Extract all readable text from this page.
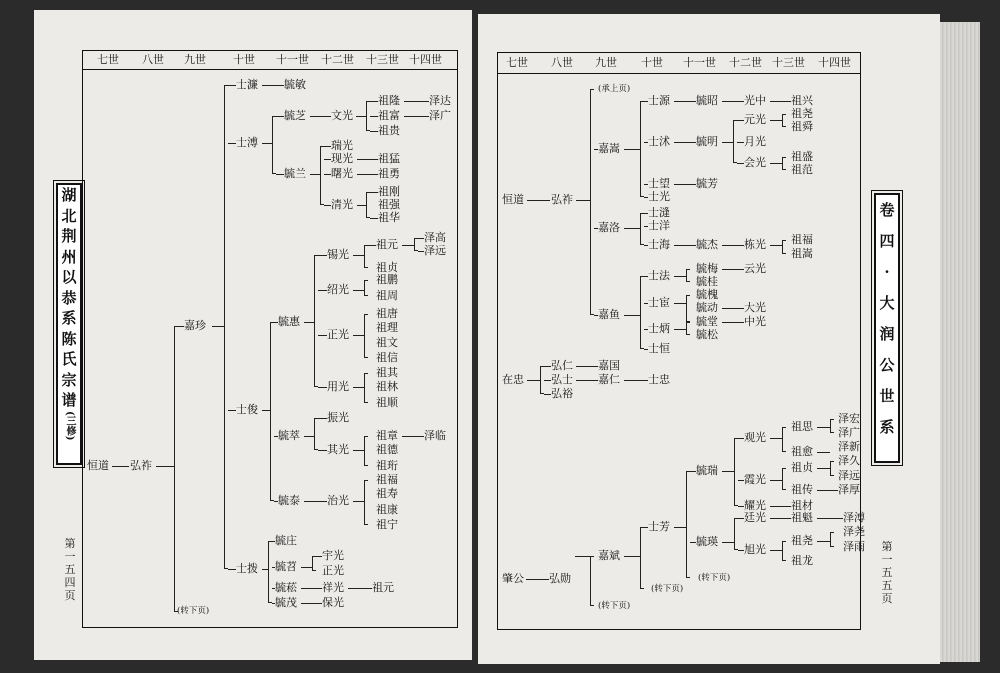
七世 八世 九世 十世 十一世 十二世 十三世 十四世	七世 八世 九世 十世 十一世 十二世 十三世 十四世
湖
北
荆
州
以
恭
系
陈
氏
宗
谱
(三修)
卷
四
·
大
润
公
世
系
第
一
五
四
页
第
一
五
五
页
恒道 弘祚
嘉珍
士濂 毓敏
士溥
毓芝 文光
祖隆	泽达
祖富	泽广
祖贵
毓兰
瑞光
现光 祖猛
曙光 祖勇
清光
祖刚
祖强
祖华
士俊
毓惠
锡光
祖元
泽高
泽远
祖贞
绍光
祖鹏
祖周
正光
祖唐
祖理
祖文
祖信
用光
祖其
祖林
祖顺
毓萃
振光
其光
祖章 泽临
祖德
祖珩
毓泰 治光
祖福
祖寿
祖康
祖宁
士拨
毓庄
毓苕
宇光
正光
毓菘 祥光	祖元
毓茂 保光
(转下页)
恒道 弘祚
嘉嵩
士源 毓昭 光中 祖兴
士沭 毓明
元光 祖尧
祖舜
月光
会光 祖盛
祖范
士望 毓芳
士光
嘉洛
士漨
士洋
士海 毓杰 栋光 祖福
祖嵩
嘉鱼
士法
毓梅 云光
毓桂
士宦
毓槐
毓动 大光
毓堂 中光
士炳 毓松
士恒
在忠
弘仁 嘉国
弘士 嘉仁	士忠
弘裕
毓瑞
观光
祖思
泽宏
泽广
祖愈 泽新
霞光
祖贞
泽久
泽远
祖传 泽厚
耀光 祖材
士芳
毓瑛
廷光 祖魁	泽溥
旭光
祖尧
泽尧
泽雨
祖龙
嘉斌
肇公 弘勋
(承上页)
(转下页)
(转下页)
(转下页)
